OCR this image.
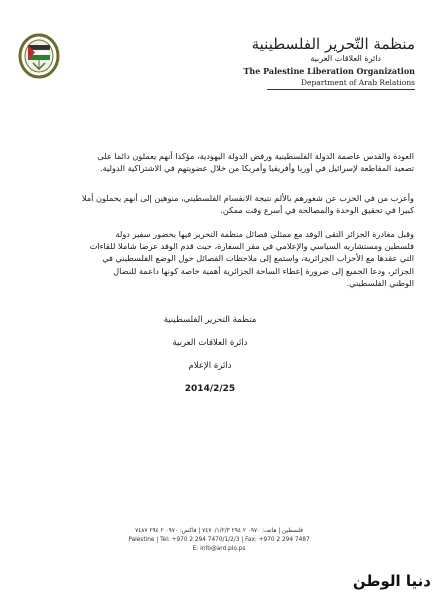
منظمة التّحرير الفلسطينية
دائرة العلاقات العربية
The Palestine Liberation Organization
Department of Arab Relations
العودة والقدس عاصمة الدولة الفلسطينية ورفض الدولة اليهودية، مؤكدا أنهم يعملون دائما على
تصعيد المقاطعة لإسرائيل في أوربا وأفريقيا وأمريكا من خلال عضويتهم في الاشتراكية الدولية.
وأعرب من في الحزب عن شعورهم بالألم نتيجة الانقسام الفلسطيني، منوهين إلى أنهم يحملون أملا
كبيرا في تحقيق الوحدة والمصالحة في أسرع وقت ممكن.
وقبل مغادرة الجزائر التقى الوفد مع ممثلي فصائل منظمة التحرير فيها بحضور سفير دولة
فلسطين ومستشاريه السياسي والإعلامي في مقر السفارة، حيث قدم الوفد عرضا شاملا للقاءات
التي عقدها مع الأحزاب الجزائرية، واستمع إلى ملاحظات الفصائل حول الوضع الفلسطيني في
الجزائر، ودعا الجميع إلى ضرورة إعطاء الساحة الجزائرية أهمية خاصة كونها داعمة للنضال
الوطني الفلسطيني.
منظمة التحرير الفلسطينية
دائرة العلاقات العربية
دائرة الإعلام
2014/2/25
فلسطين | هاتف: ٠٩٧٠ ٢ ٢٩٤ ٧٤٧٠/١/٢/٣ | فاكس: ٠٩٧٠ ٢ ٢٩٤ ٧٤٨٧
Palestine | Tel: +970 2 294 7470/1/2/3 | Fax: +970 2 294 7487
E: info@ard.plo.ps
دنيا الوطن
